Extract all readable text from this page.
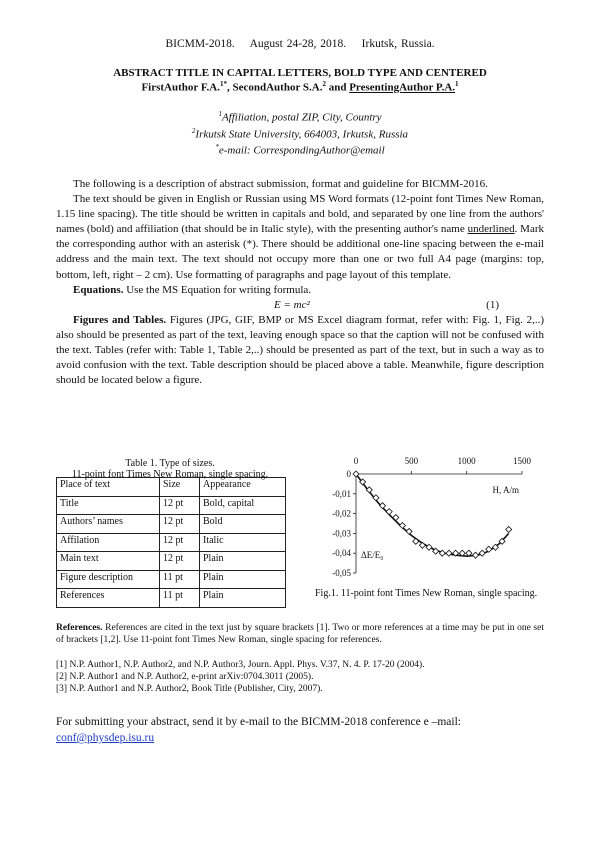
BICMM-2018.    August 24-28, 2018.    Irkutsk, Russia.
ABSTRACT TITLE IN CAPITAL LETTERS, BOLD TYPE AND CENTERED
FirstAuthor F.A.$^{1*}$, SecondAuthor S.A.$^2$ and PresentingAuthor P.A.$^1$
$^1$Affiliation, postal ZIP, City, Country
$^2$Irkutsk State University, 664003, Irkutsk, Russia
*e-mail: CorrespondingAuthor@email

The following is a description of abstract submission, format and guideline for BICMM-2016.

The text should be given in English or Russian using MS Word formats (12-point font Times New Roman, 1.15 line spacing). The title should be written in capitals and bold, and separated by one line from the authors' names (bold) and affiliation (that should be in Italic style), with the presenting author's name underlined. Mark the corresponding author with an asterisk (*). There should be additional one-line spacing between the e-mail address and the main text. The text should not occupy more than one or two full A4 page (margins: top, bottom, left, right – 2 cm). Use formatting of paragraphs and page layout of this template.

Equations. Use the MS Equation for writing formula.

E = mc²	(1)

Figures and Tables. Figures (JPG, GIF, BMP or MS Excel diagram format, refer with: Fig. 1, Fig. 2,..) also should be presented as part of the text, leaving enough space so that the caption will not be confused with the text. Tables (refer with: Table 1, Table 2,..) should be presented as part of the text, but in such a way as to avoid confusion with the text. Table description should be placed above a table. Meanwhile, figure description should be located below a figure.

Table 1. Type of sizes.
11-point font Times New Roman, single spacing.
Place of text	Size	Appearance
Title	12 pt	Bold, capital
Authors’ names	12 pt	Bold
Affilation	12 pt	Italic
Main text	12 pt	Plain
Figure description	11 pt	Plain
References	11 pt	Plain
0	500	1000	1500
0
-0,01
-0,02
-0,03
-0,04
-0,05
H, A/m
ΔE/E₀
Fig.1. 11-point font Times New Roman, single spacing.
References. References are cited in the text just by square brackets [1]. Two or more references at a time may be put in one set of brackets [1,2]. Use 11-point font Times New Roman, single spacing for references.
[1] N.P. Author1, N.P. Author2, and N.P. Author3, Journ. Appl. Phys. V.37, N. 4. P. 17-20 (2004).
[2] N.P. Author1 and N.P. Author2, e-print arXiv:0704.3011 (2005).
[3] N.P. Author1 and N.P. Author2, Book Title (Publisher, City, 2007).
For submitting your abstract, send it by e-mail to the BICMM-2018 conference e –mail:
conf@physdep.isu.ru
